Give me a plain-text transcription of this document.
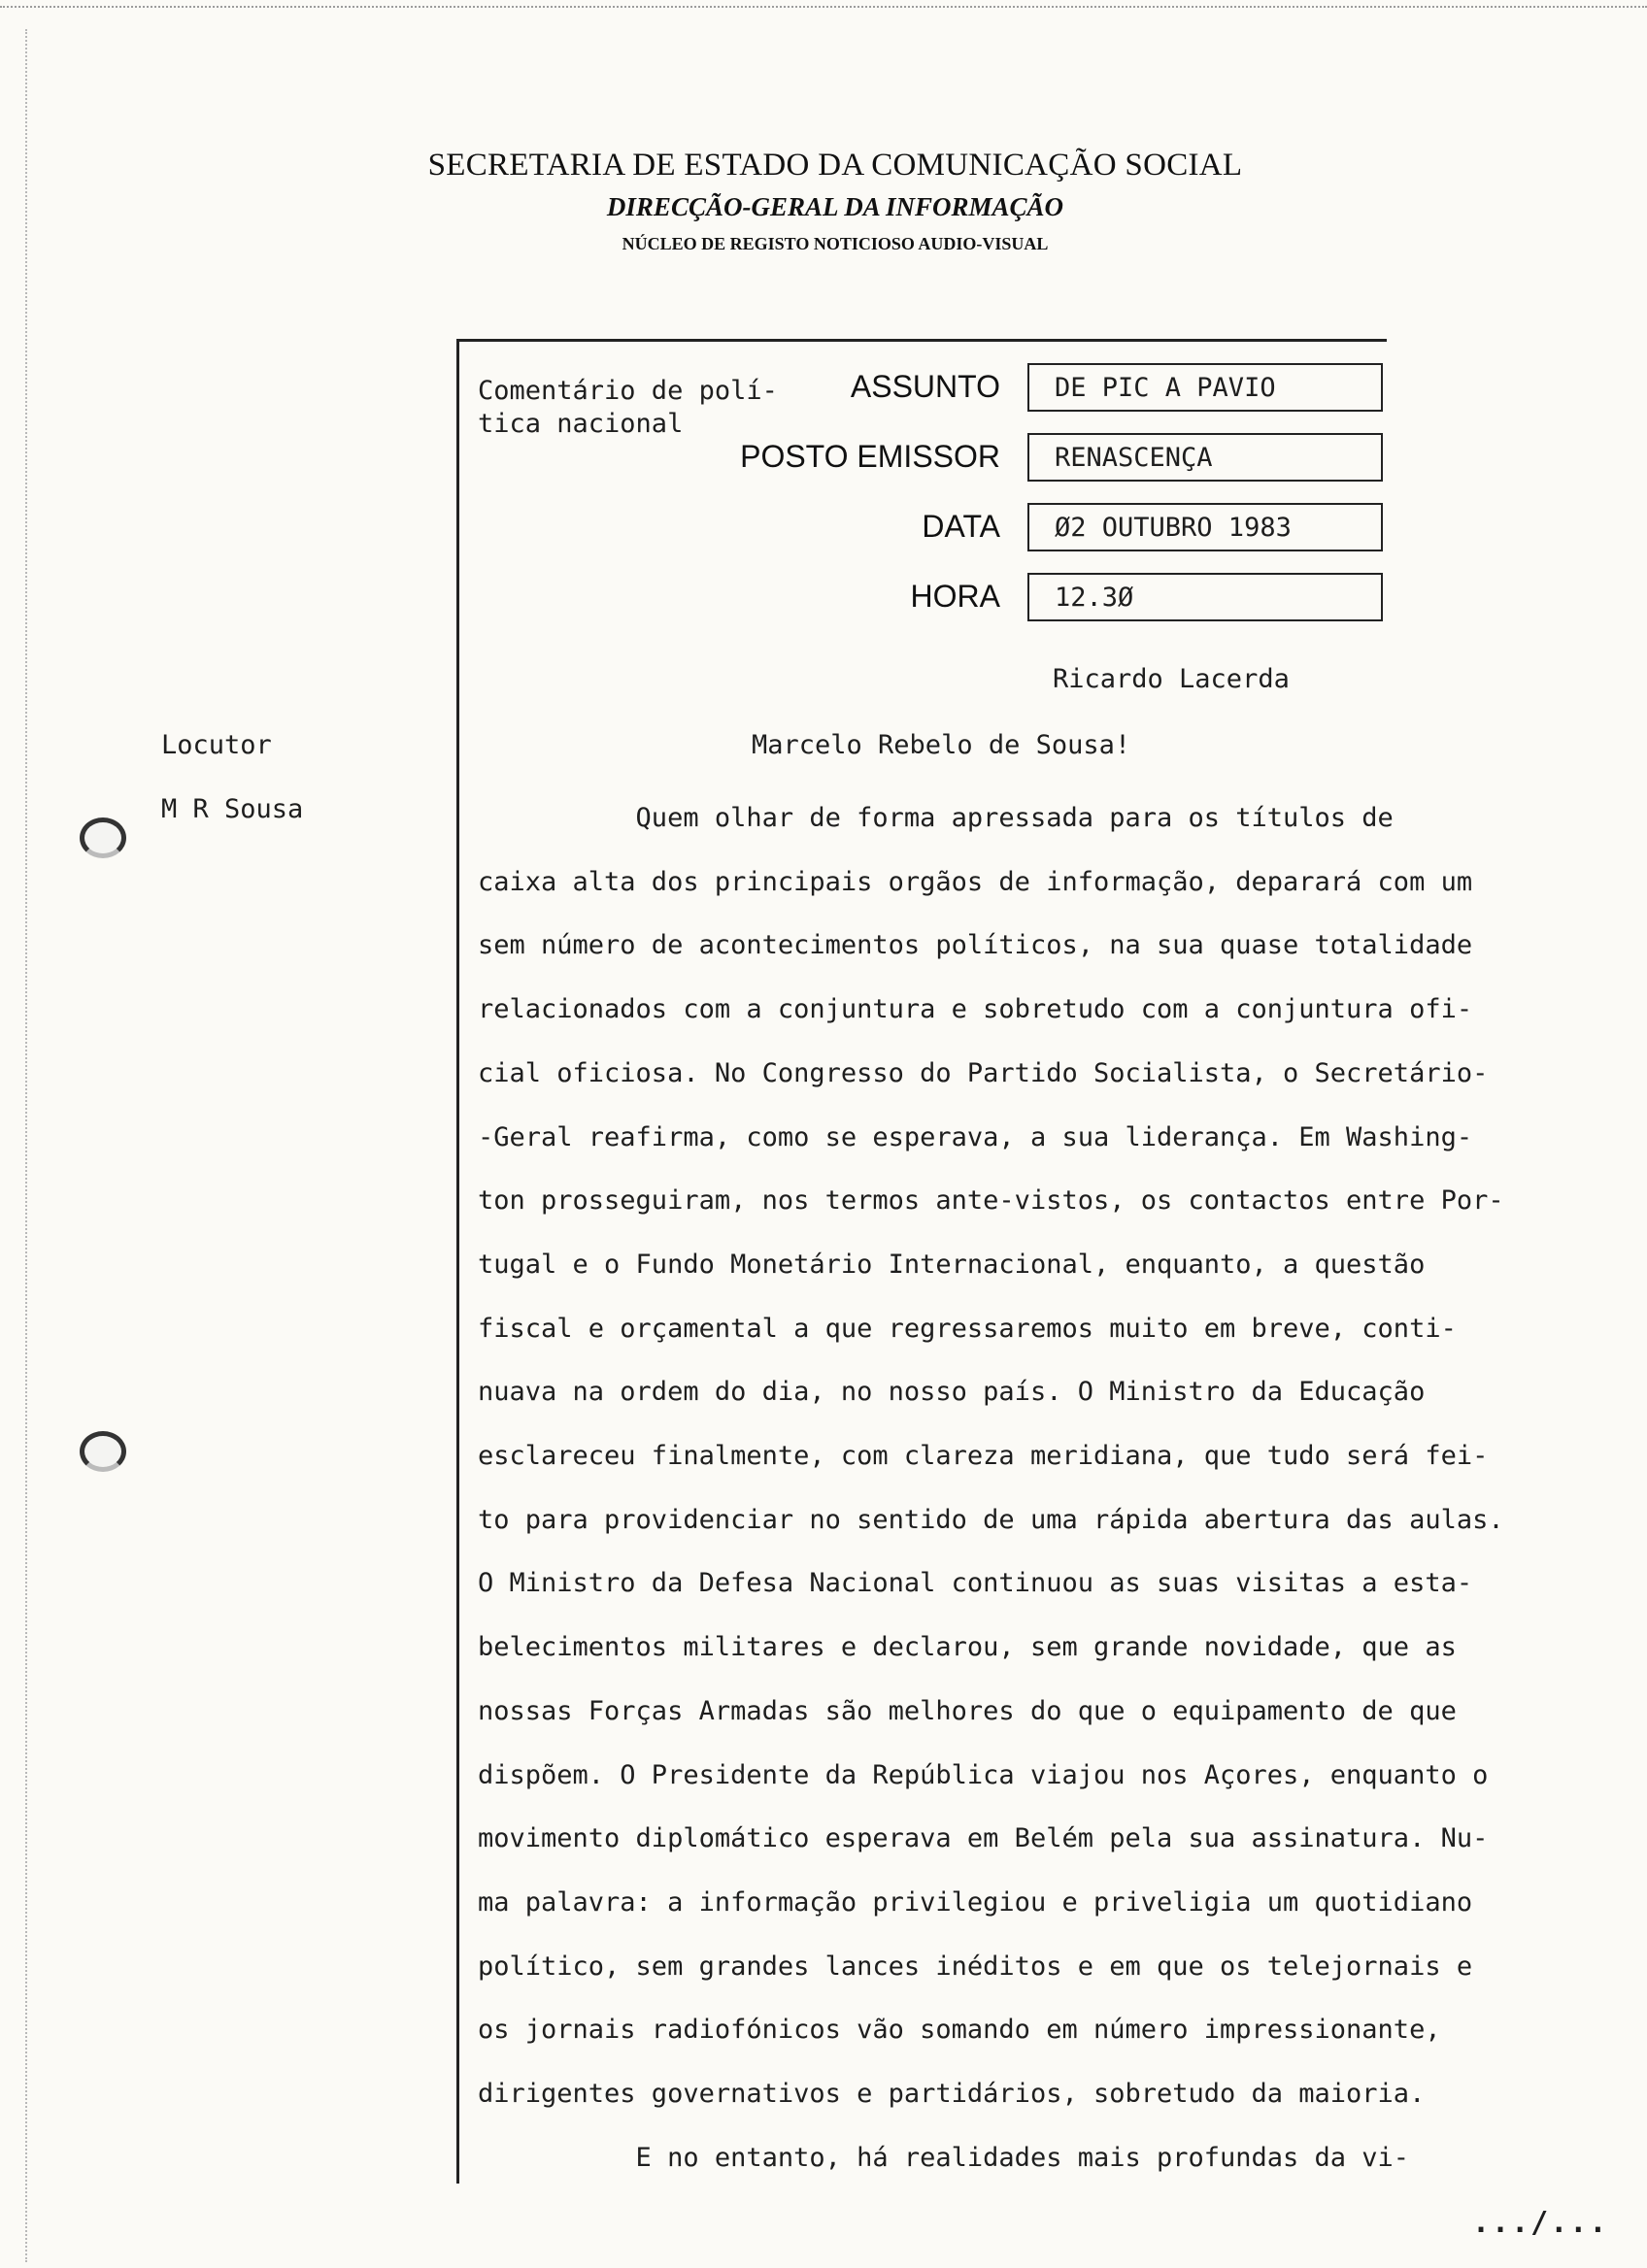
SECRETARIA DE ESTADO DA COMUNICAÇÃO SOCIAL
DIRECÇÃO-GERAL DA INFORMAÇÃO
NÚCLEO DE REGISTO NOTICIOSO AUDIO-VISUAL
Comentário de polí-
tica nacional
ASSUNTO	DE PIC A PAVIO
POSTO EMISSOR	RENASCENÇA
DATA	Ø2 OUTUBRO 1983
HORA	12.3Ø
Ricardo Lacerda
Locutor
M R Sousa
Marcelo Rebelo de Sousa!
Quem olhar de forma apressada para os títulos de
caixa alta dos principais orgãos de informação, deparará com um
sem número de acontecimentos políticos, na sua quase totalidade
relacionados com a conjuntura e sobretudo com a conjuntura ofi-
cial oficiosa. No Congresso do Partido Socialista, o Secretário-
-Geral reafirma, como se esperava, a sua liderança. Em Washing-
ton prosseguiram, nos termos ante-vistos, os contactos entre Por-
tugal e o Fundo Monetário Internacional, enquanto, a questão
fiscal e orçamental a que regressaremos muito em breve, conti-
nuava na ordem do dia, no nosso país. O Ministro da Educação
esclareceu finalmente, com clareza meridiana, que tudo será fei-
to para providenciar no sentido de uma rápida abertura das aulas.
O Ministro da Defesa Nacional continuou as suas visitas a esta-
belecimentos militares e declarou, sem grande novidade, que as
nossas Forças Armadas são melhores do que o equipamento de que
dispõem. O Presidente da República viajou nos Açores, enquanto o
movimento diplomático esperava em Belém pela sua assinatura. Nu-
ma palavra: a informação privilegiou e priveligia um quotidiano
político, sem grandes lances inéditos e em que os telejornais e
os jornais radiofónicos vão somando em número impressionante,
dirigentes governativos e partidários, sobretudo da maioria.
E no entanto, há realidades mais profundas da vi-
.../...
